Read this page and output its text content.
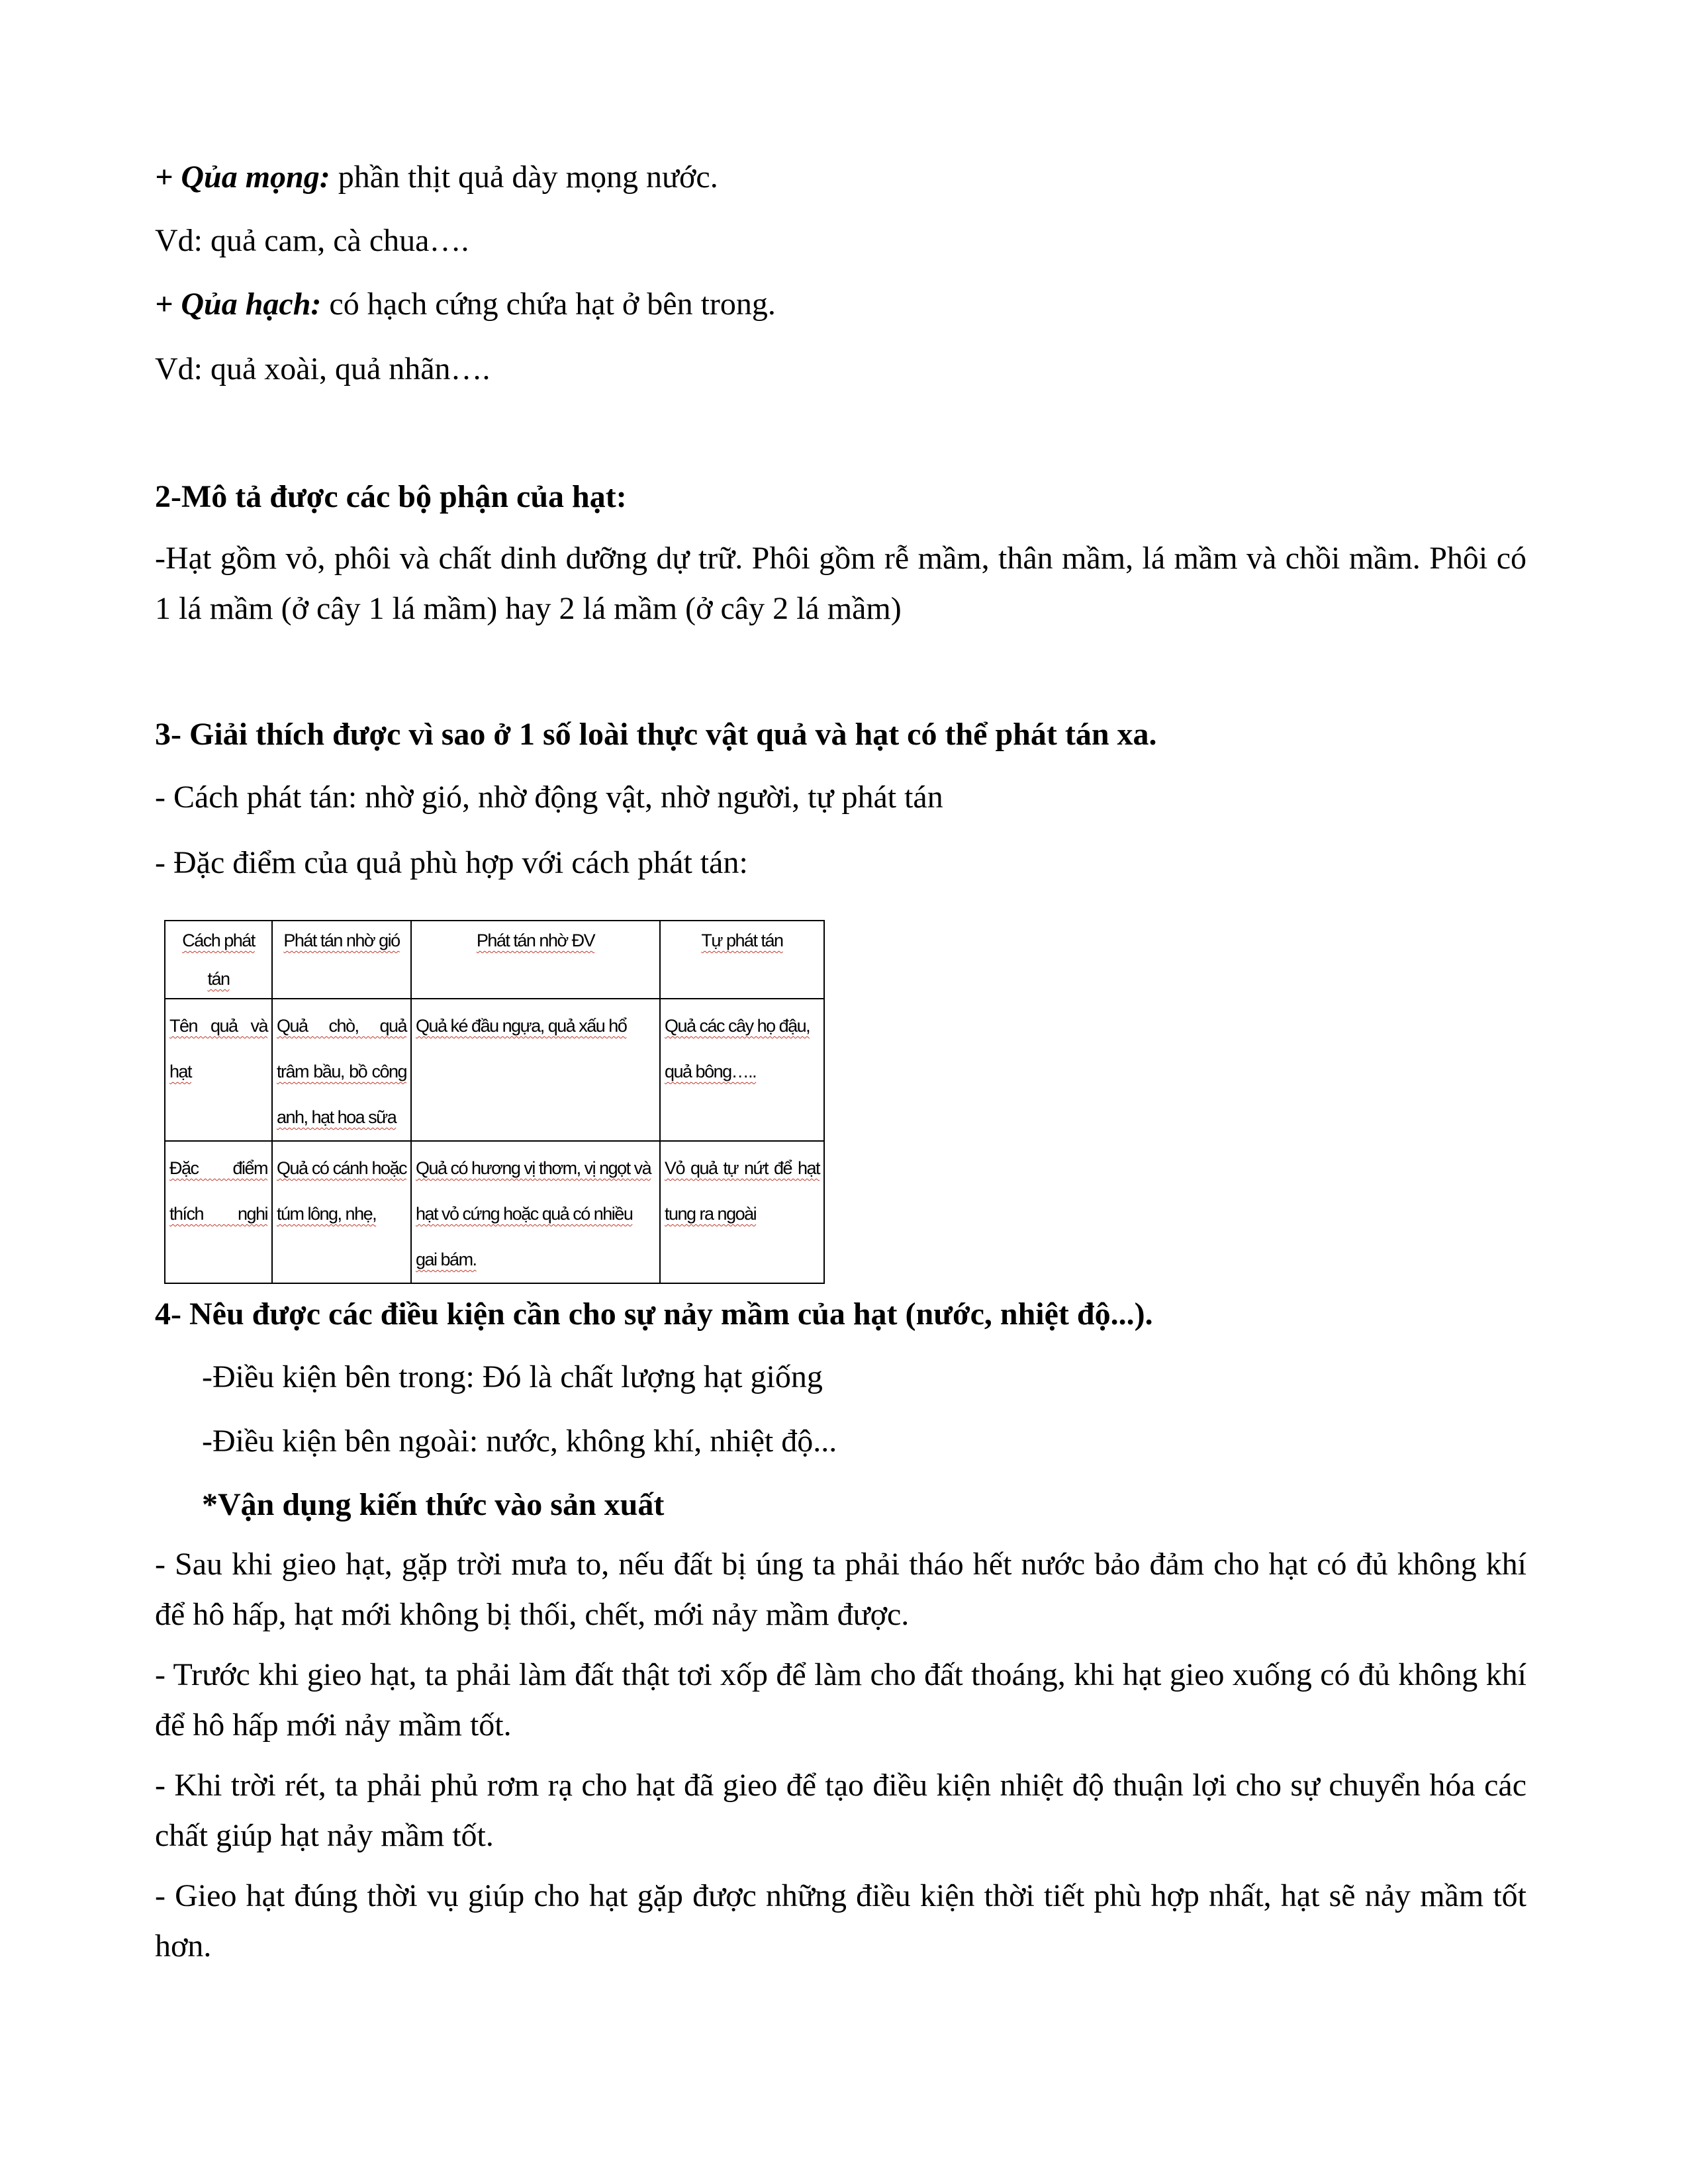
+ Qủa mọng: phần thịt quả dày mọng nước.
Vd: quả cam, cà chua….
+ Qủa hạch: có hạch cứng chứa hạt ở bên trong.
Vd: quả xoài, quả nhãn….
2-Mô tả được các bộ phận của hạt:
-Hạt gồm vỏ, phôi và chất dinh dưỡng dự trữ. Phôi gồm rễ mầm, thân mầm, lá mầm và chồi mầm. Phôi có 1 lá mầm (ở cây 1 lá mầm) hay 2 lá mầm (ở cây 2 lá mầm)
3- Giải thích được vì sao ở 1 số loài thực vật quả và hạt có thể phát tán xa.
- Cách phát tán: nhờ gió, nhờ động vật, nhờ người, tự phát tán
- Đặc điểm của quả phù hợp với cách phát tán:
Cách phát tán	Phát tán nhờ gió	Phát tán nhờ ĐV	Tự phát tán
Tên quả và hạt	Quả chò, quả trâm bầu, bồ công anh, hạt hoa sữa	Quả ké đầu ngựa, quả xấu hổ	Quả các cây họ đậu, quả bông…..
Đặc điểm thích nghi	Quả có cánh hoặc túm lông, nhẹ,	Quả có hương vị thơm, vị ngọt và hạt vỏ cứng hoặc quả có nhiều gai bám.	Vỏ quả tự nứt để hạt tung ra ngoài
4- Nêu được các điều kiện cần cho sự nảy mầm của hạt (nước, nhiệt độ...).
-Điều kiện bên trong: Đó là chất lượng hạt giống
-Điều kiện bên ngoài: nước, không khí, nhiệt độ...
*Vận dụng kiến thức vào sản xuất
- Sau khi gieo hạt, gặp trời mưa to, nếu đất bị úng ta phải tháo hết nước bảo đảm cho hạt có đủ không khí để hô hấp, hạt mới không bị thối, chết, mới nảy mầm được.
- Trước khi gieo hạt, ta phải làm đất thật tơi xốp để làm cho đất thoáng, khi hạt gieo xuống có đủ không khí để hô hấp mới nảy mầm tốt.
- Khi trời rét, ta phải phủ rơm rạ cho hạt đã gieo để tạo điều kiện nhiệt độ thuận lợi cho sự chuyển hóa các chất giúp hạt nảy mầm tốt.
- Gieo hạt đúng thời vụ giúp cho hạt gặp được những điều kiện thời tiết phù hợp nhất, hạt sẽ nảy mầm tốt hơn.
